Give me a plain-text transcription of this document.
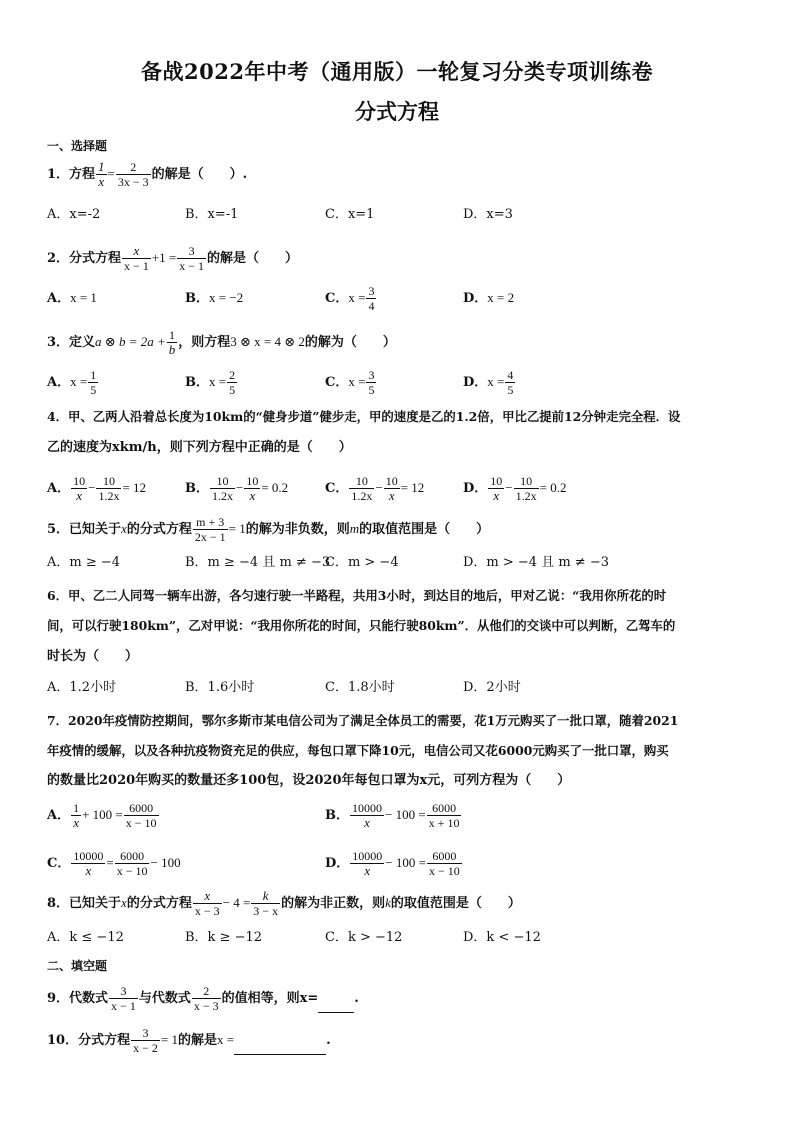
备战2022年中考（通用版）一轮复习分类专项训练卷
分式方程
一、选择题
1．方程 $\frac{1}{x} = \frac{2}{3x - 3}$ 的解是（　　）.
A．x=-2	B．x=-1	C．x=1	D．x=3
2．分式方程 $\frac{x}{x - 1} +1 = \frac{3}{x - 1}$ 的解是（　　）
A．x = 1	B．x = −2	C．$x = \frac{3}{4}$	D．x = 2
3．定义a ⊗ $b = 2a + \frac{1}{b}$ ，则方程3 ⊗ x = 4 ⊗ 2的解为（　　）
A．$x = \frac{1}{5}$	B．$x = \frac{2}{5}$	C．$x = \frac{3}{5}$	D．$x = \frac{4}{5}$
4．甲、乙两人沿着总长度为10km的“健身步道”健步走，甲的速度是乙的1.2倍，甲比乙提前12分钟走完全程．设
乙的速度为xkm/h，则下列方程中正确的是（　　）
A． $\frac{10}{x} - \frac{10}{1.2x} = 12$	B． $\frac{10}{1.2x} - \frac{10}{x} = 0.2$	C． $\frac{10}{1.2x} - \frac{10}{x} = 12$	D． $\frac{10}{x} - \frac{10}{1.2x} = 0.2$
5．已知关于x的分式方程 $\frac{m + 3}{2x - 1} = 1$的解为非负数，则m的取值范围是（　　）
A．m ≥ −4	B．m ≥ −4 且 m ≠ −3
C．m > −4	D．m > −4 且 m ≠ −3
6．甲、乙二人同驾一辆车出游，各匀速行驶一半路程，共用3小时，到达目的地后，甲对乙说：“我用你所花的时
间，可以行驶180km”，乙对甲说：“我用你所花的时间，只能行驶80km”．从他们的交谈中可以判断，乙驾车的
时长为（　　）
A．1.2小时	B．1.6小时	C．1.8小时	D．2小时
7．2020年疫情防控期间，鄂尔多斯市某电信公司为了满足全体员工的需要，花1万元购买了一批口罩，随着2021
年疫情的缓解，以及各种抗疫物资充足的供应，每包口罩下降10元，电信公司又花6000元购买了一批口罩，购买
的数量比2020年购买的数量还多100包，设2020年每包口罩为x元，可列方程为（　　）
A． $\frac{1}{x} + 100 = \frac{6000}{x - 10}$	B． $\frac{10000}{x} - 100 = \frac{6000}{x + 10}$
C． $\frac{10000}{x} = \frac{6000}{x - 10} - 100$	D． $\frac{10000}{x} - 100 = \frac{6000}{x - 10}$
8．已知关于x的分式方程 $\frac{x}{x - 3} - 4 = \frac{k}{3 - x}$ 的解为非正数，则k的取值范围是（　　）
A．k ≤ −12	B．k ≥ −12	C．k > −12	D．k < −12
二、填空题
9．代数式 $\frac{3}{x - 1}$ 与代数式 $\frac{2}{x - 3}$ 的值相等，则x=	.
10．分式方程 $\frac{3}{x - 2} = 1$的解是x =	.
